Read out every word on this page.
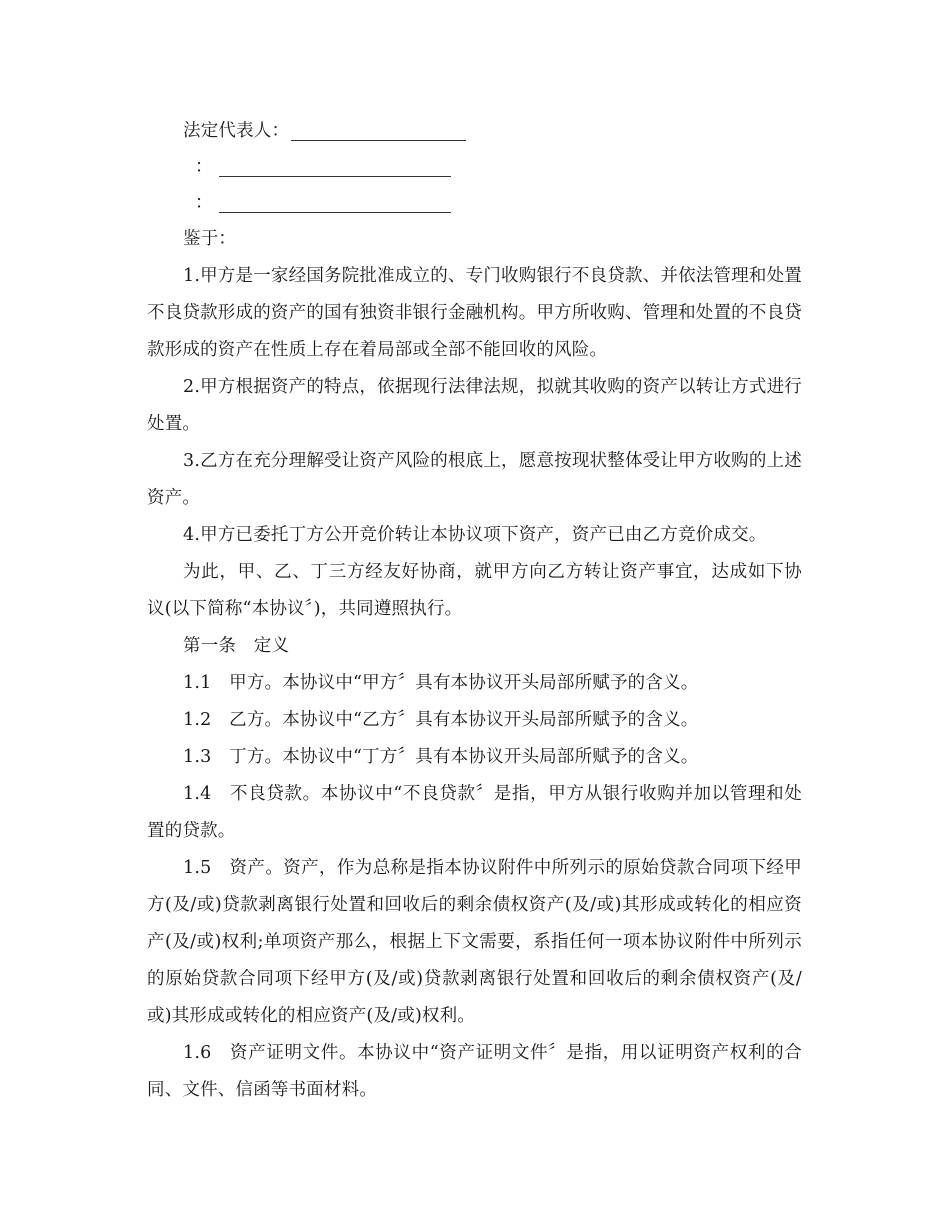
法定代表人：
：
：
鉴于：
1.甲方是一家经国务院批准成立的、专门收购银行不良贷款、并依法管理和处置不良贷款形成的资产的国有独资非银行金融机构。甲方所收购、管理和处置的不良贷款形成的资产在性质上存在着局部或全部不能回收的风险。
2.甲方根据资产的特点，依据现行法律法规，拟就其收购的资产以转让方式进行处置。
3.乙方在充分理解受让资产风险的根底上，愿意按现状整体受让甲方收购的上述资产。
4.甲方已委托丁方公开竞价转让本协议项下资产，资产已由乙方竞价成交。
为此，甲、乙、丁三方经友好协商，就甲方向乙方转让资产事宜，达成如下协议(以下简称“本协议〞)，共同遵照执行。
第一条　定义
1.1　甲方。本协议中“甲方〞具有本协议开头局部所赋予的含义。
1.2　乙方。本协议中“乙方〞具有本协议开头局部所赋予的含义。
1.3　丁方。本协议中“丁方〞具有本协议开头局部所赋予的含义。
1.4　不良贷款。本协议中“不良贷款〞是指，甲方从银行收购并加以管理和处置的贷款。
1.5　资产。资产，作为总称是指本协议附件中所列示的原始贷款合同项下经甲方(及/或)贷款剥离银行处置和回收后的剩余债权资产(及/或)其形成或转化的相应资产(及/或)权利;单项资产那么，根据上下文需要，系指任何一项本协议附件中所列示的原始贷款合同项下经甲方(及/或)贷款剥离银行处置和回收后的剩余债权资产(及/或)其形成或转化的相应资产(及/或)权利。
1.6　资产证明文件。本协议中“资产证明文件〞是指，用以证明资产权利的合同、文件、信函等书面材料。
